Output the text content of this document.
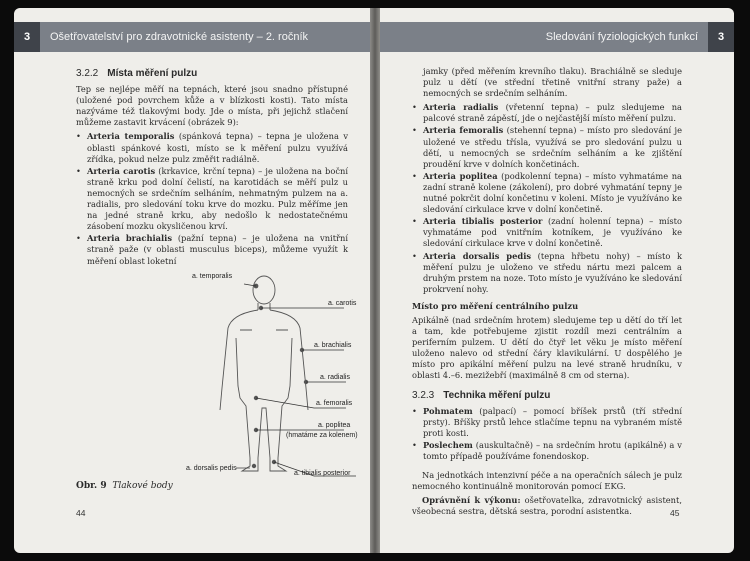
3	Ošetřovatelství pro zdravotnické asistenty – 2. ročník
3.2.2 Místa měření pulzu

Tep se nejlépe měří na tepnách, které jsou snadno přístupné (uložené pod povrchem kůže a v blízkosti kosti). Tato místa nazýváme též tlakovými body. Jde o místa, při jejichž stlačení můžeme zastavit krvácení (obrázek 9):

• Arteria temporalis (spánková tepna) – tepna je uložena v oblasti spánkové kosti, místo se k měření pulzu využívá zřídka, pokud nelze pulz změřit radiálně.
• Arteria carotis (krkavice, krční tepna) – je uložena na boční straně krku pod dolní čelistí, na karotidách se měří pulz u nemocných se srdečním selháním, nehmatným pulzem na a. radialis, pro sledování toku krve do mozku. Pulz měříme jen na jedné straně krku, aby nedošlo k nedostatečnému zásobení mozku okysličenou krví.
• Arteria brachialis (pažní tepna) – je uložena na vnitřní straně paže (v oblasti musculus biceps), můžeme využít k měření oblast loketní
a. temporalis
a. carotis
a. brachialis
a. radialis
a. femoralis
a. poplitea
(hmatáme za kolenem)
a. dorsalis pedis
a. tibialis posterior
Obr. 9 Tlakové body
44
Sledování fyziologických funkcí	3

jamky (před měřením krevního tlaku). Brachiálně se sleduje pulz u dětí (ve střední třetině vnitřní strany paže) a nemocných se srdečním selháním.

• Arteria radialis (vřetenní tepna) – pulz sledujeme na palcové straně zápěstí, jde o nejčastější místo měření pulzu.
• Arteria femoralis (stehenní tepna) – místo pro sledování je uložené ve středu třísla, využívá se pro sledování pulzu u dětí, u nemocných se srdečním selháním a ke zjištění proudění krve v dolních končetinách.
• Arteria poplitea (podkolenní tepna) – místo vyhmatáme na zadní straně kolene (zákolení), pro dobré vyhmatání tepny je nutné pokrčit dolní končetinu v koleni. Místo je využíváno ke sledování cirkulace krve v dolní končetině.
• Arteria tibialis posterior (zadní holenní tepna) – místo vyhmatáme pod vnitřním kotníkem, je využíváno ke sledování cirkulace krve v dolní končetině.
• Arteria dorsalis pedis (tepna hřbetu nohy) – místo k měření pulzu je uloženo ve středu nártu mezi palcem a druhým prstem na noze. Toto místo je využíváno ke sledování prokrvení nohy.

Místo pro měření centrálního pulzu

Apikálně (nad srdečním hrotem) sledujeme tep u dětí do tří let a tam, kde potřebujeme zjistit rozdíl mezi centrálním a periferním pulzem. U dětí do čtyř let věku je místo měření uloženo nalevo od střední čáry klavikulární. U dospělého je místo pro apikální měření pulzu na levé straně hrudníku, v oblasti 4.–6. mezižebří (maximálně 8 cm od sterna).

3.2.3 Technika měření pulzu
• Pohmatem (palpací) – pomocí bříšek prstů (tří střední prsty). Bříšky prstů lehce stlačíme tepnu na vybraném místě proti kosti.
• Poslechem (auskultačně) – na srdečním hrotu (apikálně) a v tomto případě používáme fonendoskop.

Na jednotkách intenzivní péče a na operačních sálech je pulz nemocného kontinuálně monitorován pomocí EKG.

Oprávnění k výkonu: ošetřovatelka, zdravotnický asistent, všeobecná sestra, dětská sestra, porodní asistentka.	45
